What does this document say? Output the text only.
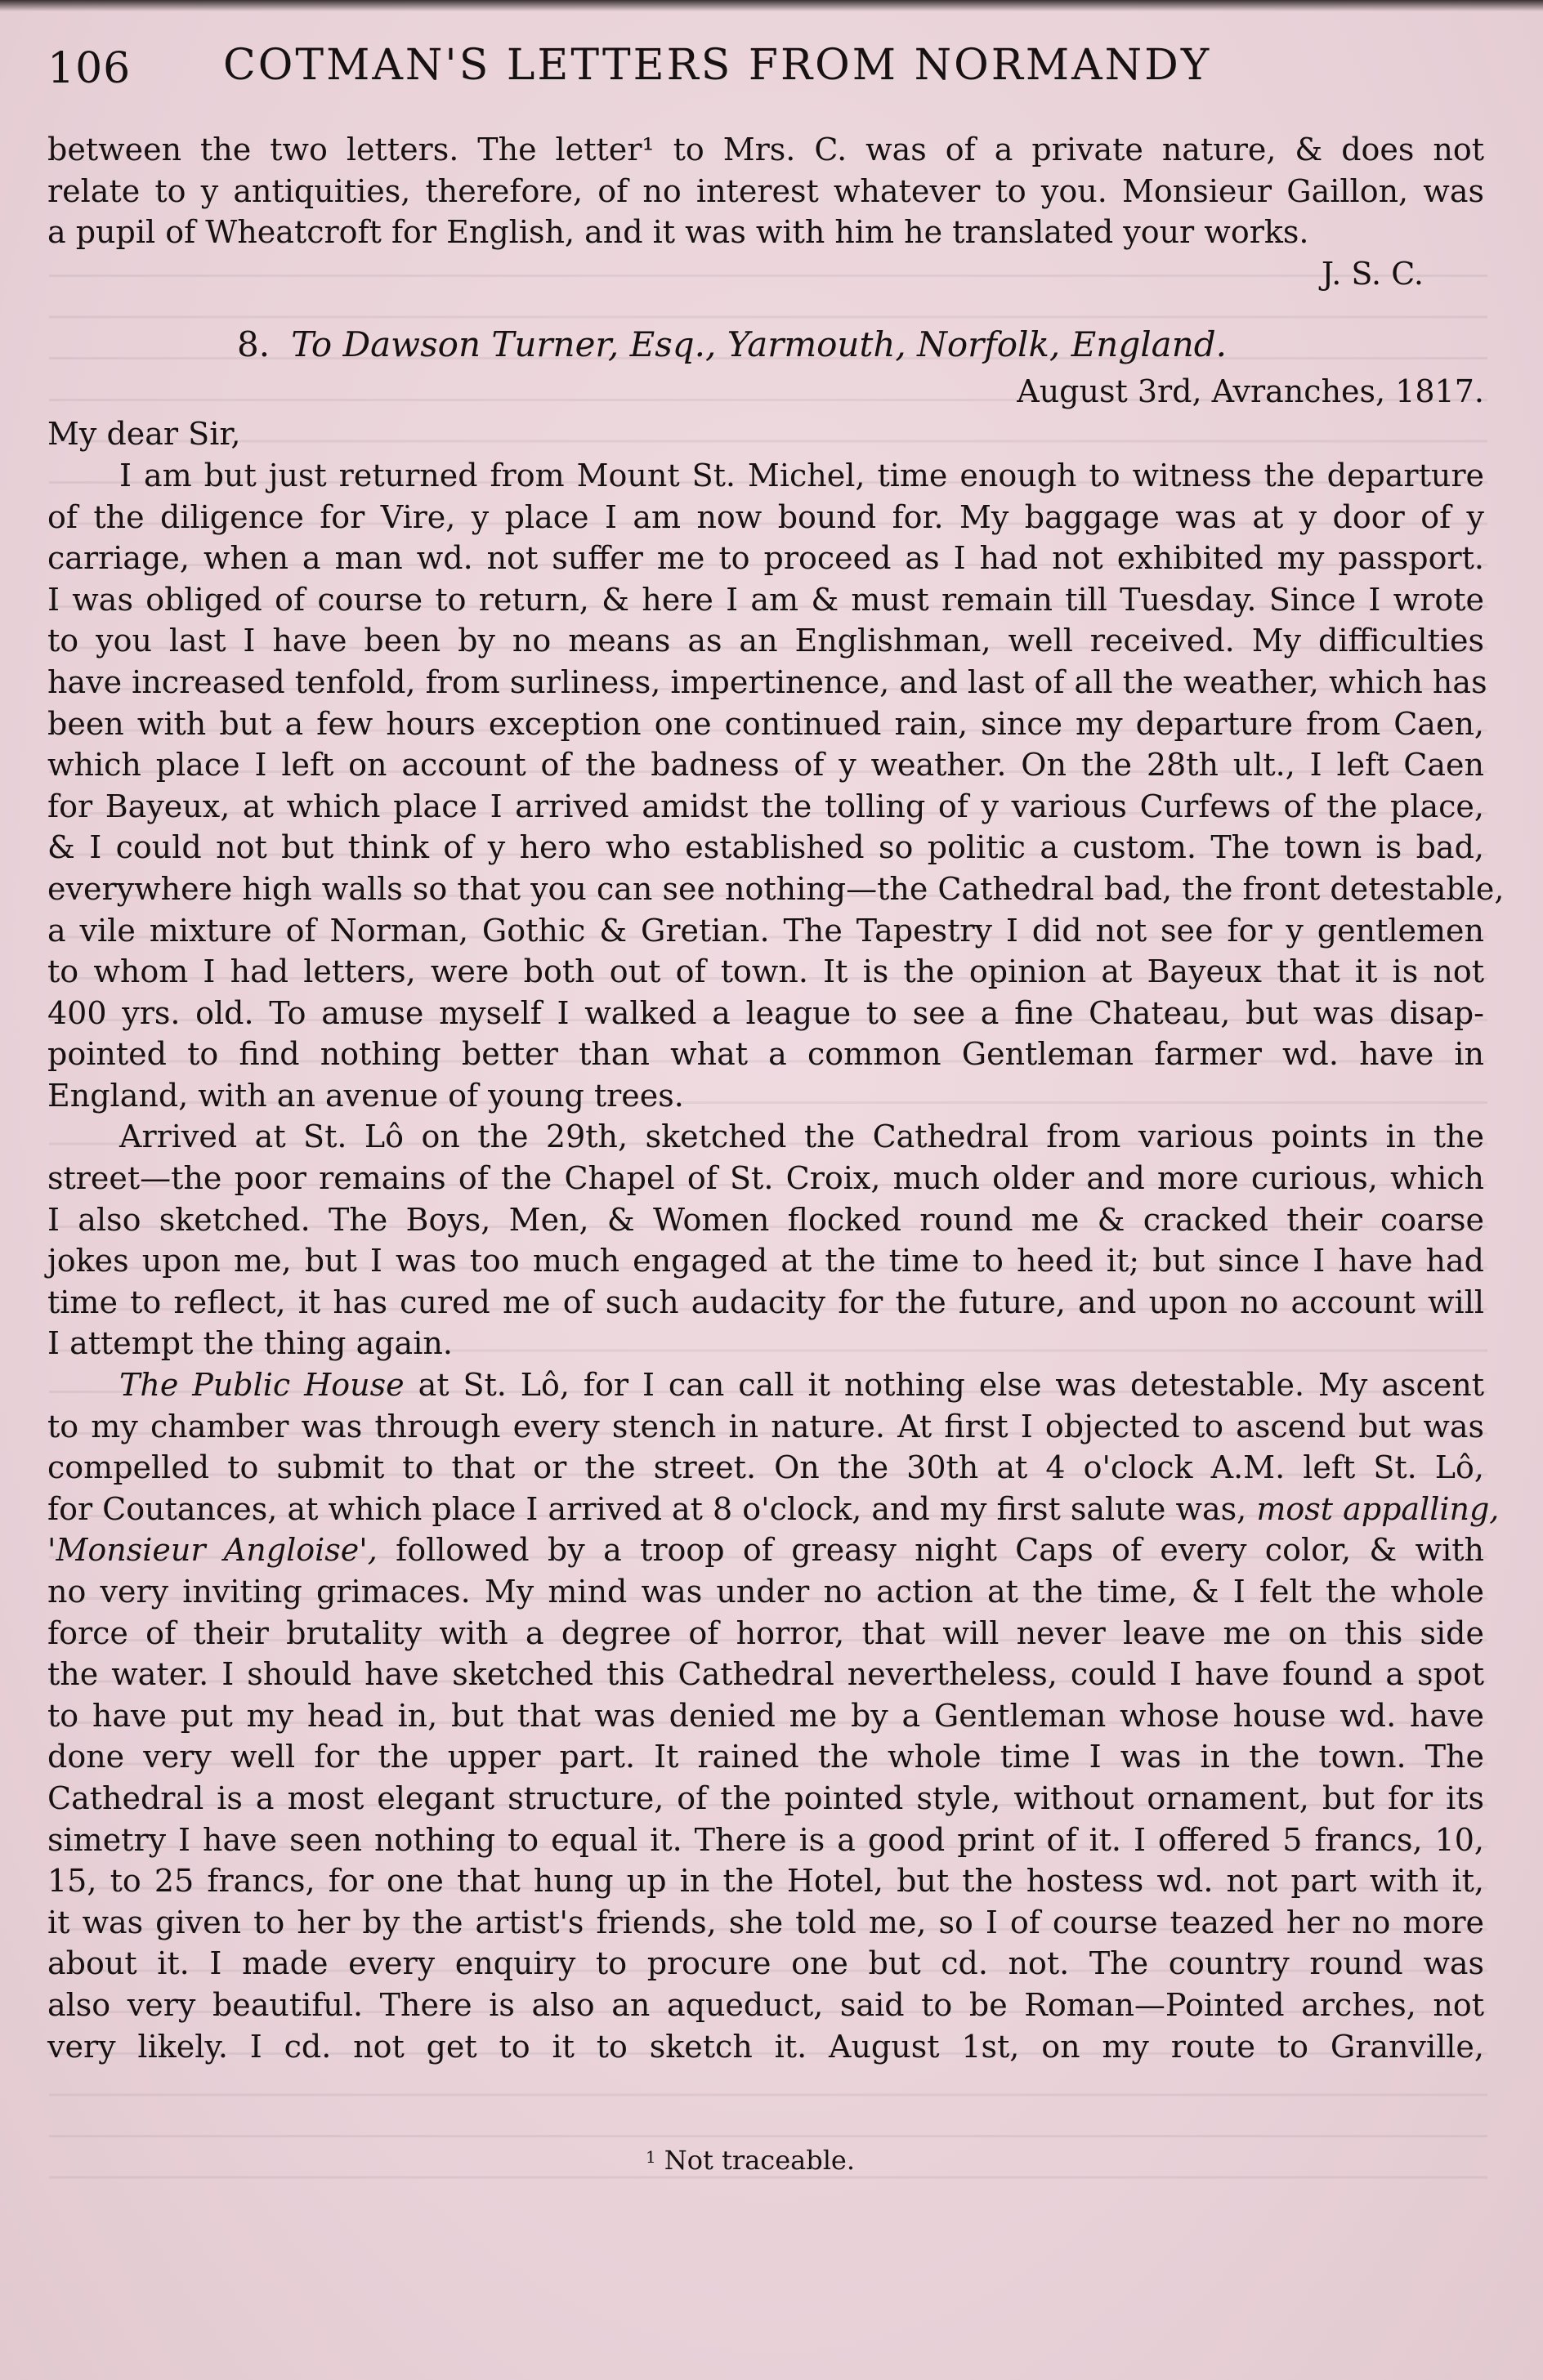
106 COTMAN'S LETTERS FROM NORMANDY
between the two letters. The letter¹ to Mrs. C. was of a private nature, & does not
relate to y antiquities, therefore, of no interest whatever to you. Monsieur Gaillon, was
a pupil of Wheatcroft for English, and it was with him he translated your works.
J. S. C.
8. To Dawson Turner, Esq., Yarmouth, Norfolk, England.
August 3rd, Avranches, 1817.
My dear Sir,
I am but just returned from Mount St. Michel, time enough to witness the departure
of the diligence for Vire, y place I am now bound for. My baggage was at y door of y
carriage, when a man wd. not suffer me to proceed as I had not exhibited my passport.
I was obliged of course to return, & here I am & must remain till Tuesday. Since I wrote
to you last I have been by no means as an Englishman, well received. My difficulties
have increased tenfold, from surliness, impertinence, and last of all the weather, which has
been with but a few hours exception one continued rain, since my departure from Caen,
which place I left on account of the badness of y weather. On the 28th ult., I left Caen
for Bayeux, at which place I arrived amidst the tolling of y various Curfews of the place,
& I could not but think of y hero who established so politic a custom. The town is bad,
everywhere high walls so that you can see nothing—the Cathedral bad, the front detestable,
a vile mixture of Norman, Gothic & Gretian. The Tapestry I did not see for y gentlemen
to whom I had letters, were both out of town. It is the opinion at Bayeux that it is not
400 yrs. old. To amuse myself I walked a league to see a fine Chateau, but was disap-
pointed to find nothing better than what a common Gentleman farmer wd. have in
England, with an avenue of young trees.
Arrived at St. Lô on the 29th, sketched the Cathedral from various points in the
street—the poor remains of the Chapel of St. Croix, much older and more curious, which
I also sketched. The Boys, Men, & Women flocked round me & cracked their coarse
jokes upon me, but I was too much engaged at the time to heed it; but since I have had
time to reflect, it has cured me of such audacity for the future, and upon no account will
I attempt the thing again.
The Public House at St. Lô, for I can call it nothing else was detestable. My ascent
to my chamber was through every stench in nature. At first I objected to ascend but was
compelled to submit to that or the street. On the 30th at 4 o'clock A.M. left St. Lô,
for Coutances, at which place I arrived at 8 o'clock, and my first salute was, most appalling,
'Monsieur Angloise', followed by a troop of greasy night Caps of every color, & with
no very inviting grimaces. My mind was under no action at the time, & I felt the whole
force of their brutality with a degree of horror, that will never leave me on this side
the water. I should have sketched this Cathedral nevertheless, could I have found a spot
to have put my head in, but that was denied me by a Gentleman whose house wd. have
done very well for the upper part. It rained the whole time I was in the town. The
Cathedral is a most elegant structure, of the pointed style, without ornament, but for its
simetry I have seen nothing to equal it. There is a good print of it. I offered 5 francs, 10,
15, to 25 francs, for one that hung up in the Hotel, but the hostess wd. not part with it,
it was given to her by the artist's friends, she told me, so I of course teazed her no more
about it. I made every enquiry to procure one but cd. not. The country round was
also very beautiful. There is also an aqueduct, said to be Roman—Pointed arches, not
very likely. I cd. not get to it to sketch it. August 1st, on my route to Granville,
$^1$ Not traceable.
